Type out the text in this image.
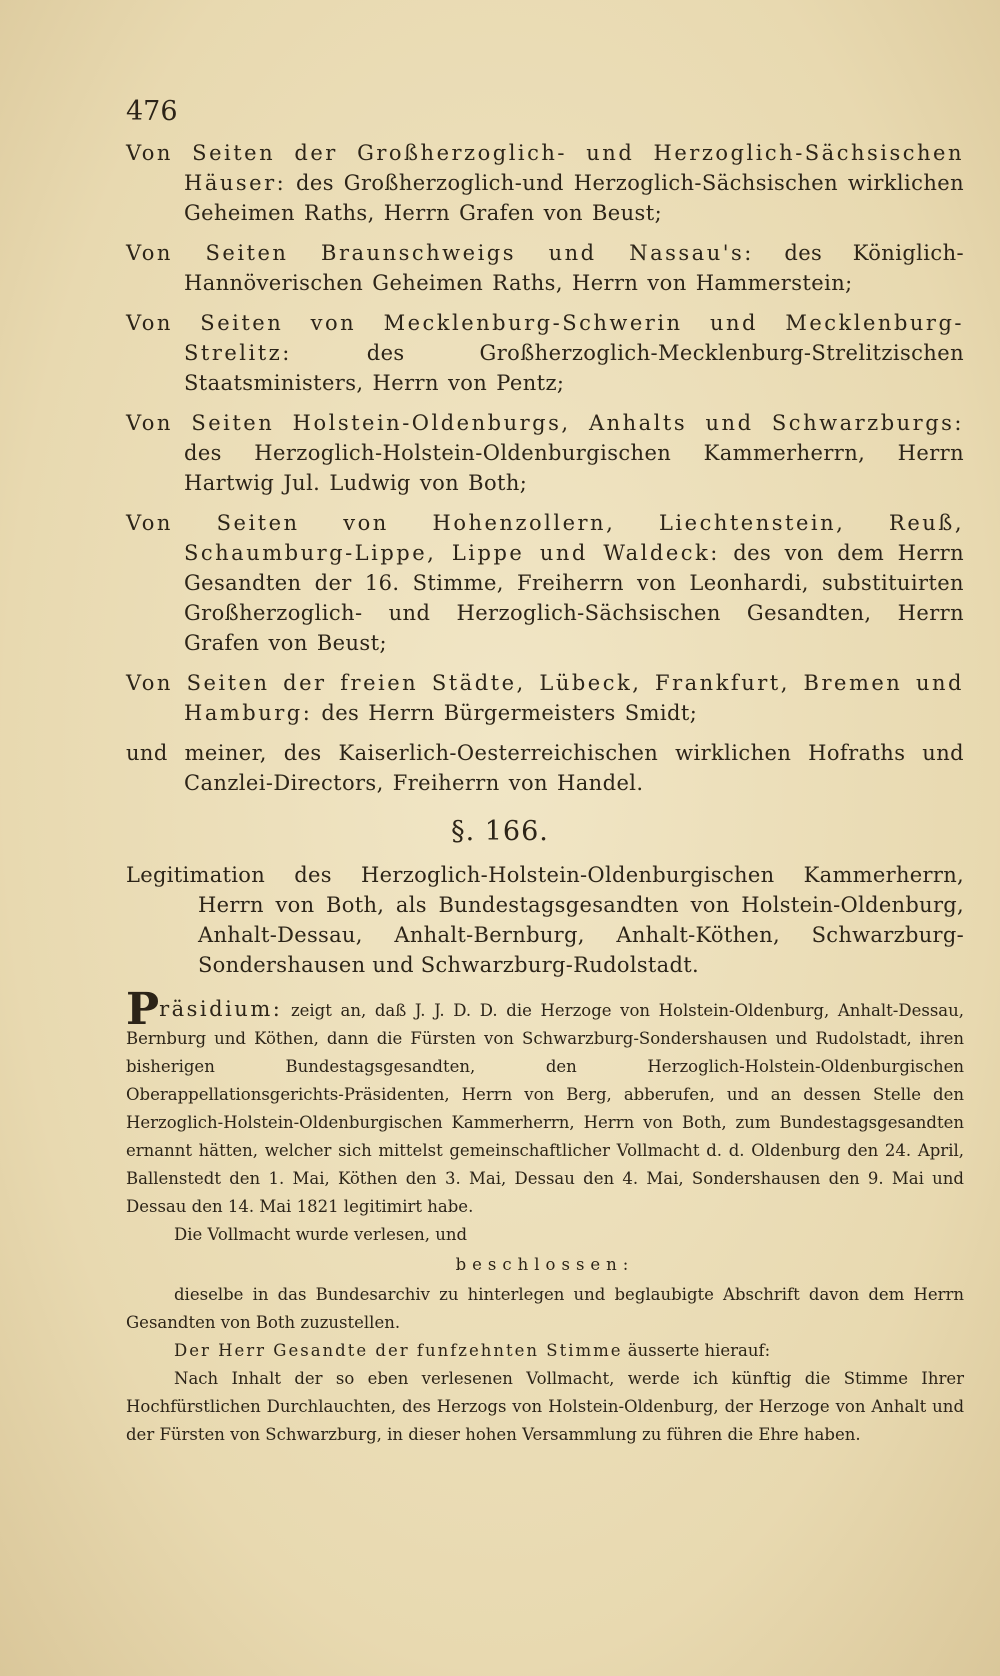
476

Von Seiten der Großherzoglich- und Herzoglich-Sächsischen Häuser: des Großherzoglich-und Herzoglich-Sächsischen wirklichen Geheimen Raths, Herrn Grafen von Beust;

Von Seiten Braunschweigs und Nassau's: des Königlich-Hannöverischen Geheimen Raths, Herrn von Hammerstein;

Von Seiten von Mecklenburg-Schwerin und Mecklenburg-Strelitz: des Großherzoglich-Mecklenburg-Strelitzischen Staatsministers, Herrn von Pentz;

Von Seiten Holstein-Oldenburgs, Anhalts und Schwarzburgs: des Herzoglich-Holstein-Oldenburgischen Kammerherrn, Herrn Hartwig Jul. Ludwig von Both;

Von Seiten von Hohenzollern, Liechtenstein, Reuß, Schaumburg-Lippe, Lippe und Waldeck: des von dem Herrn Gesandten der 16. Stimme, Freiherrn von Leonhardi, substituirten Großherzoglich- und Herzoglich-Sächsischen Gesandten, Herrn Grafen von Beust;

Von Seiten der freien Städte, Lübeck, Frankfurt, Bremen und Hamburg: des Herrn Bürgermeisters Smidt;

und meiner, des Kaiserlich-Oesterreichischen wirklichen Hofraths und Canzlei-Directors, Freiherrn von Handel.

§. 166.
Legitimation des Herzoglich-Holstein-Oldenburgischen Kammerherrn, Herrn von Both, als Bundestagsgesandten von Holstein-Oldenburg, Anhalt-Dessau, Anhalt-Bernburg, Anhalt-Köthen, Schwarzburg-Sondershausen und Schwarzburg-Rudolstadt.

Präsidium: zeigt an, daß J. J. D. D. die Herzoge von Holstein-Oldenburg, Anhalt-Dessau, Bernburg und Köthen, dann die Fürsten von Schwarzburg-Sondershausen und Rudolstadt, ihren bisherigen Bundestagsgesandten, den Herzoglich-Holstein-Oldenburgischen Oberappellationsgerichts-Präsidenten, Herrn von Berg, abberufen, und an dessen Stelle den Herzoglich-Holstein-Oldenburgischen Kammerherrn, Herrn von Both, zum Bundestagsgesandten ernannt hätten, welcher sich mittelst gemeinschaftlicher Vollmacht d. d. Oldenburg den 24. April, Ballenstedt den 1. Mai, Köthen den 3. Mai, Dessau den 4. Mai, Sondershausen den 9. Mai und Dessau den 14. Mai 1821 legitimirt habe.

Die Vollmacht wurde verlesen, und

beschlossen:

dieselbe in das Bundesarchiv zu hinterlegen und beglaubigte Abschrift davon dem Herrn Gesandten von Both zuzustellen.

Der Herr Gesandte der funfzehnten Stimme äusserte hierauf:

Nach Inhalt der so eben verlesenen Vollmacht, werde ich künftig die Stimme Ihrer Hochfürstlichen Durchlauchten, des Herzogs von Holstein-Oldenburg, der Herzoge von Anhalt und der Fürsten von Schwarzburg, in dieser hohen Versammlung zu führen die Ehre haben.
